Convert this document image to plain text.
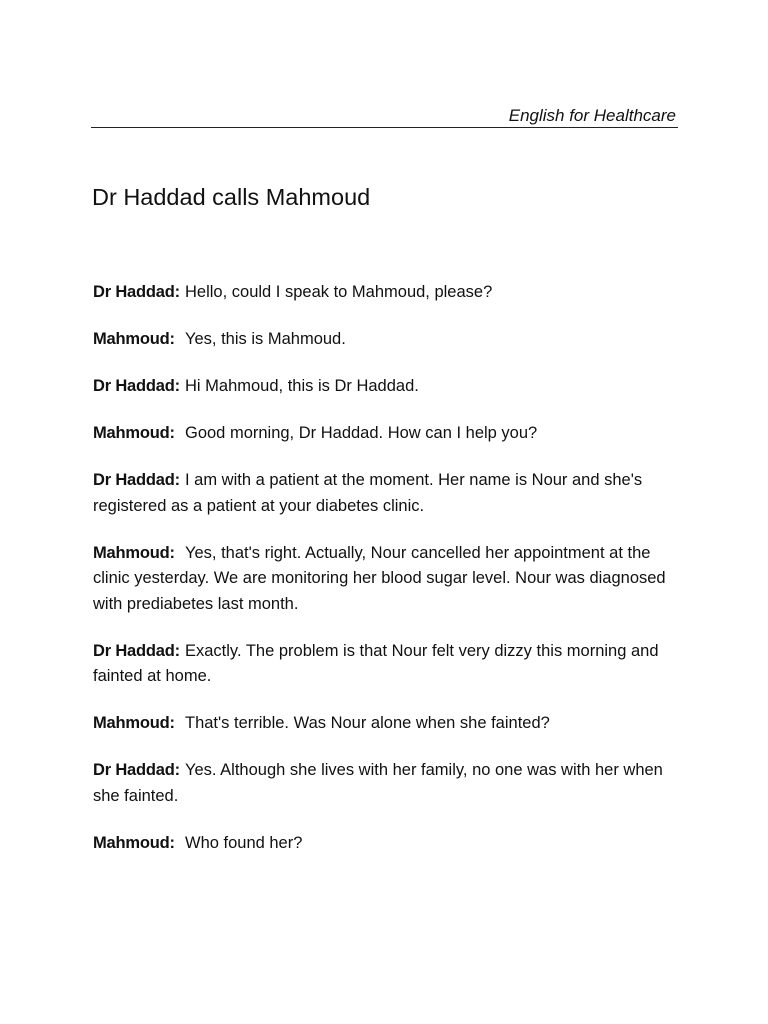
English for Healthcare
Dr Haddad calls Mahmoud

Dr Haddad: Hello, could I speak to Mahmoud, please?

Mahmoud: Yes, this is Mahmoud.

Dr Haddad: Hi Mahmoud, this is Dr Haddad.

Mahmoud: Good morning, Dr Haddad. How can I help you?

Dr Haddad: I am with a patient at the moment. Her name is Nour and she's registered as a patient at your diabetes clinic.

Mahmoud: Yes, that's right. Actually, Nour cancelled her appointment at the clinic yesterday. We are monitoring her blood sugar level. Nour was diagnosed with prediabetes last month.

Dr Haddad: Exactly. The problem is that Nour felt very dizzy this morning and fainted at home.

Mahmoud: That's terrible. Was Nour alone when she fainted?

Dr Haddad: Yes. Although she lives with her family, no one was with her when she fainted.

Mahmoud: Who found her?
